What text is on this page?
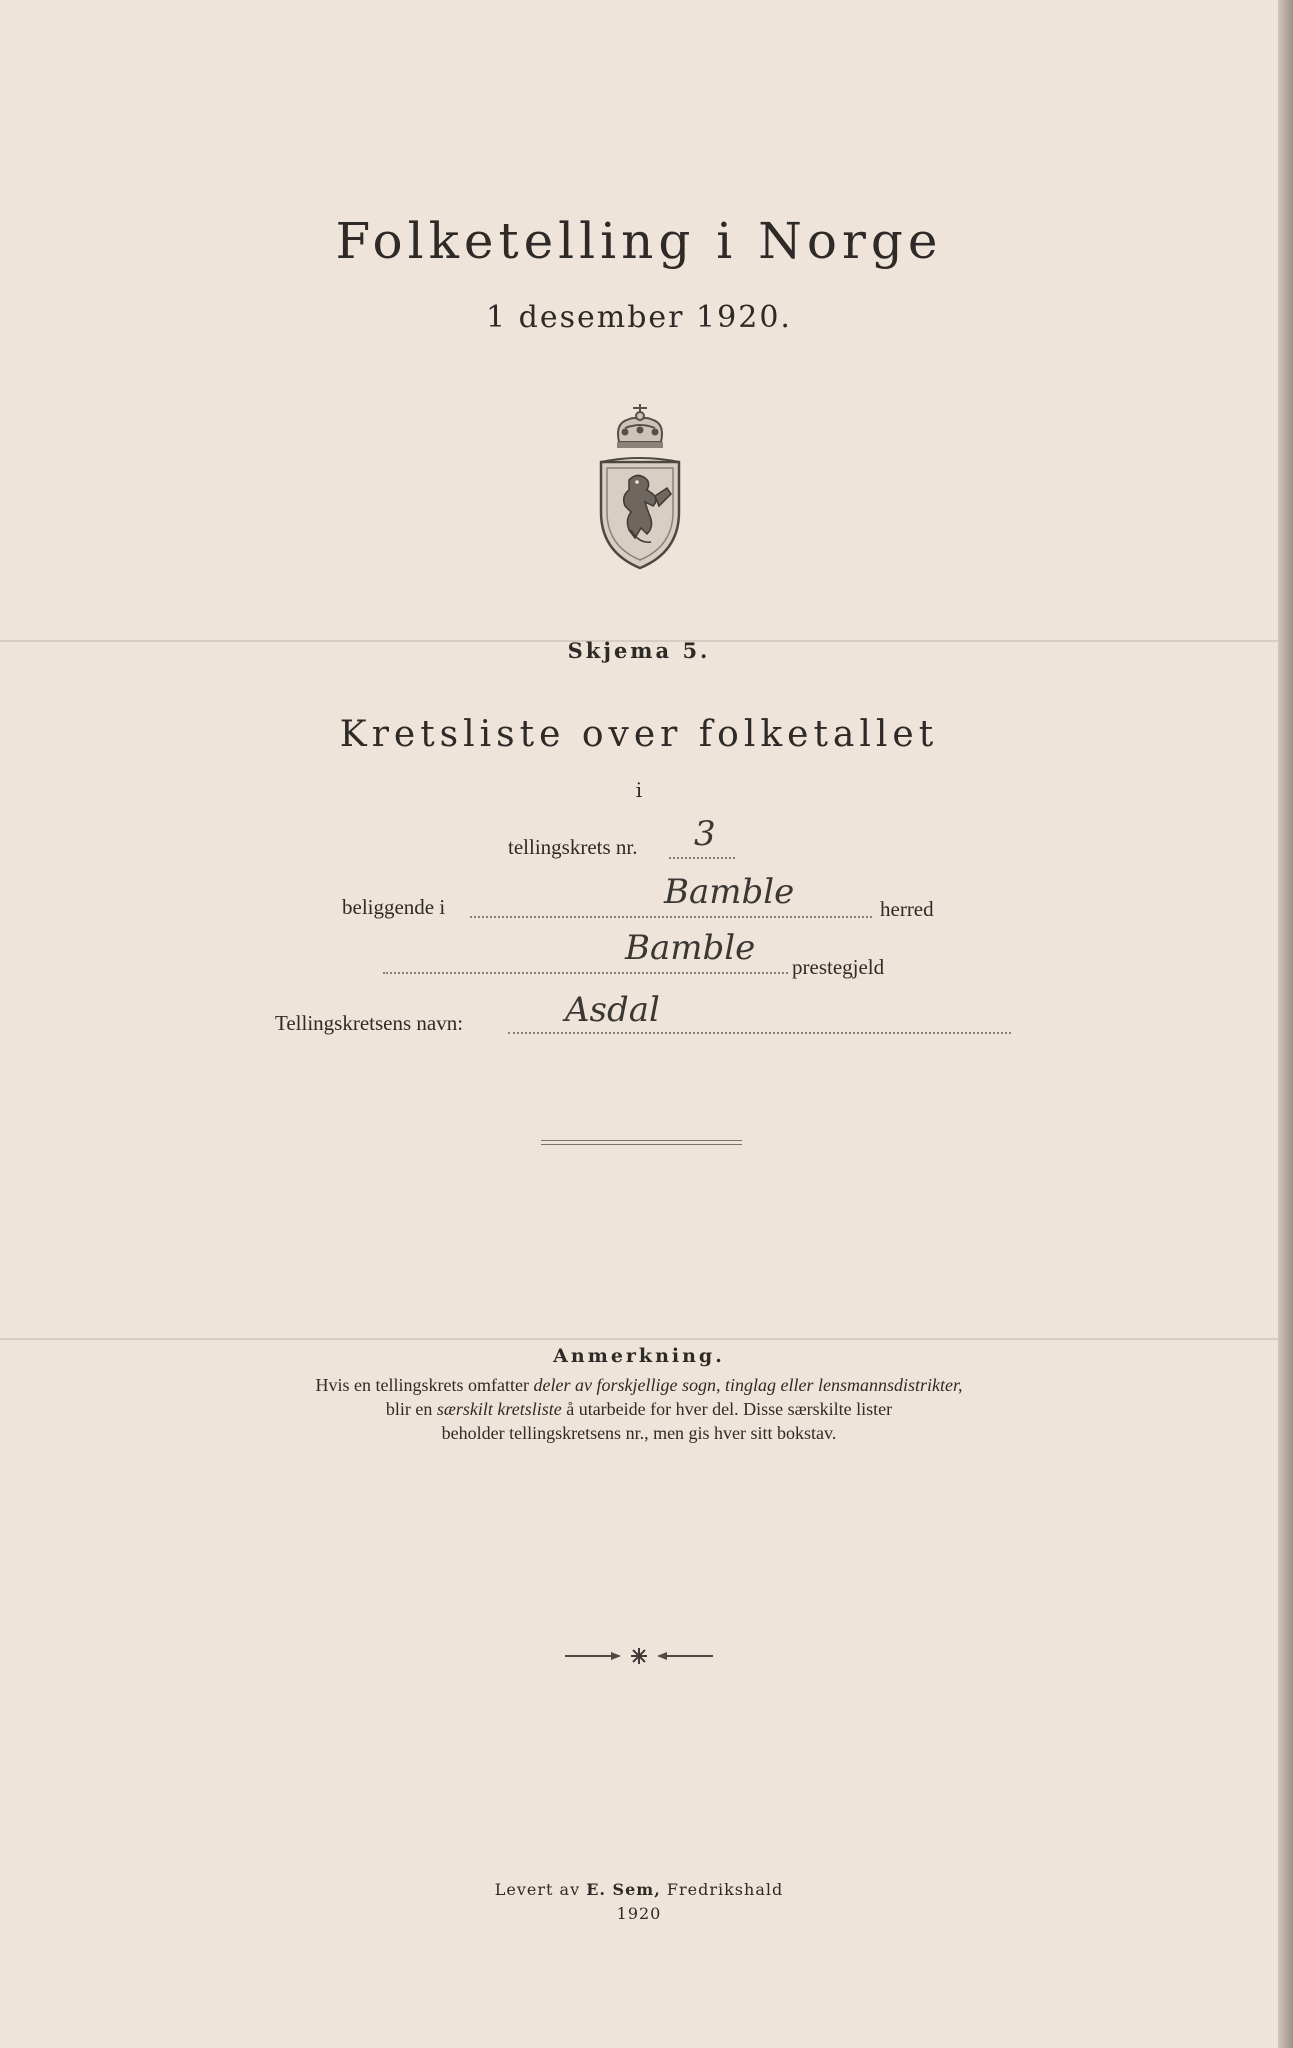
Folketelling i Norge
1 desember 1920.
Skjema 5.
Kretsliste over folketallet
i
tellingskrets nr. 3
beliggende i	Bamble	herred
Bamble prestegjeld
Tellingskretsens navn:	Asdal
Anmerkning.
Hvis en tellingskrets omfatter deler av forskjellige sogn, tinglag eller lensmannsdistrikter,
blir en særskilt kretsliste å utarbeide for hver del. Disse særskilte lister
beholder tellingskretsens nr., men gis hver sitt bokstav.
Levert av E. Sem, Fredrikshald
1920
